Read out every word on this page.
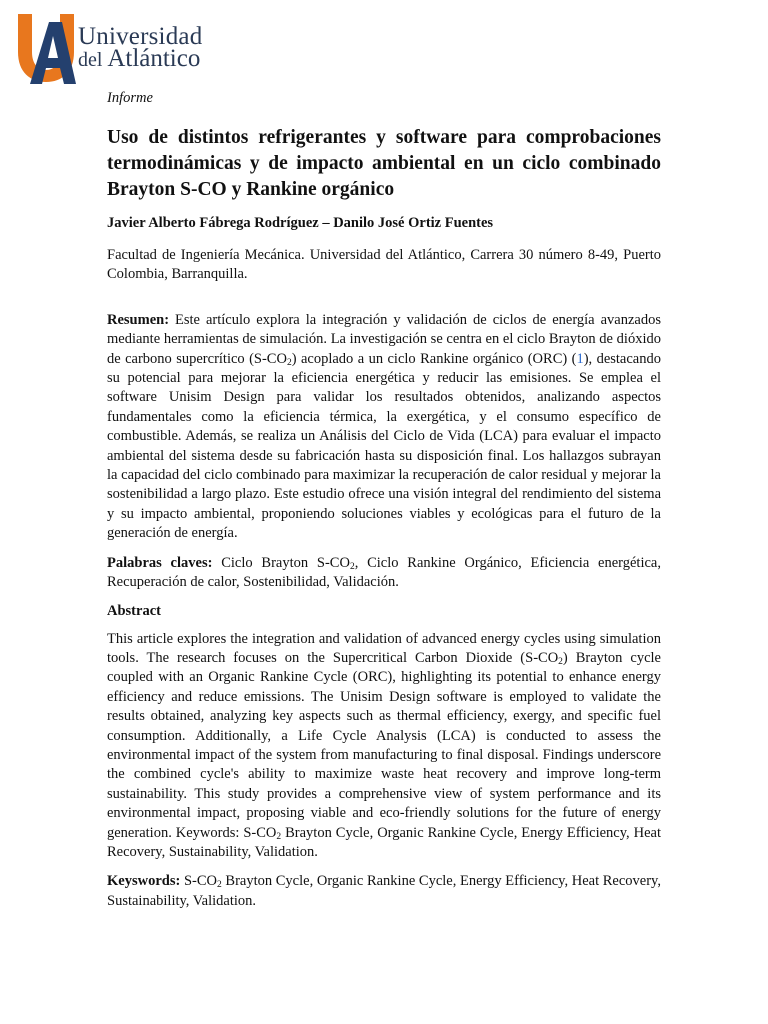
Universidad
del Atlántico

Informe

Uso de distintos refrigerantes y software para comprobaciones termodinámicas y de impacto ambiental en un ciclo combinado Brayton S-CO y Rankine orgánico

Javier Alberto Fábrega Rodríguez – Danilo José Ortiz Fuentes

Facultad de Ingeniería Mecánica. Universidad del Atlántico, Carrera 30 número 8-49, Puerto Colombia, Barranquilla.

Resumen: Este artículo explora la integración y validación de ciclos de energía avanzados mediante herramientas de simulación. La investigación se centra en el ciclo Brayton de dióxido de carbono supercrítico $(S-CO_2)$ acoplado a un ciclo Rankine orgánico (ORC) (1), destacando su potencial para mejorar la eficiencia energética y reducir las emisiones. Se emplea el software Unisim Design para validar los resultados obtenidos, analizando aspectos fundamentales como la eficiencia térmica, la exergética, y el consumo específico de combustible. Además, se realiza un Análisis del Ciclo de Vida (LCA) para evaluar el impacto ambiental del sistema desde su fabricación hasta su disposición final. Los hallazgos subrayan la capacidad del ciclo combinado para maximizar la recuperación de calor residual y mejorar la sostenibilidad a largo plazo. Este estudio ofrece una visión integral del rendimiento del sistema y su impacto ambiental, proponiendo soluciones viables y ecológicas para el futuro de la generación de energía.

Palabras claves: Ciclo Brayton $S-CO_2$, Ciclo Rankine Orgánico, Eficiencia energética, Recuperación de calor, Sostenibilidad, Validación.

Abstract

This article explores the integration and validation of advanced energy cycles using simulation tools. The research focuses on the Supercritical Carbon Dioxide $(S-CO_2)$ Brayton cycle coupled with an Organic Rankine Cycle (ORC), highlighting its potential to enhance energy efficiency and reduce emissions. The Unisim Design software is employed to validate the results obtained, analyzing key aspects such as thermal efficiency, exergy, and specific fuel consumption. Additionally, a Life Cycle Analysis (LCA) is conducted to assess the environmental impact of the system from manufacturing to final disposal. Findings underscore the combined cycle's ability to maximize waste heat recovery and improve long-term sustainability. This study provides a comprehensive view of system performance and its environmental impact, proposing viable and eco-friendly solutions for the future of energy generation. Keywords: $S-CO_2$ Brayton Cycle, Organic Rankine Cycle, Energy Efficiency, Heat Recovery, Sustainability, Validation.

Keyswords: $S-CO_2$ Brayton Cycle, Organic Rankine Cycle, Energy Efficiency, Heat Recovery, Sustainability, Validation.
